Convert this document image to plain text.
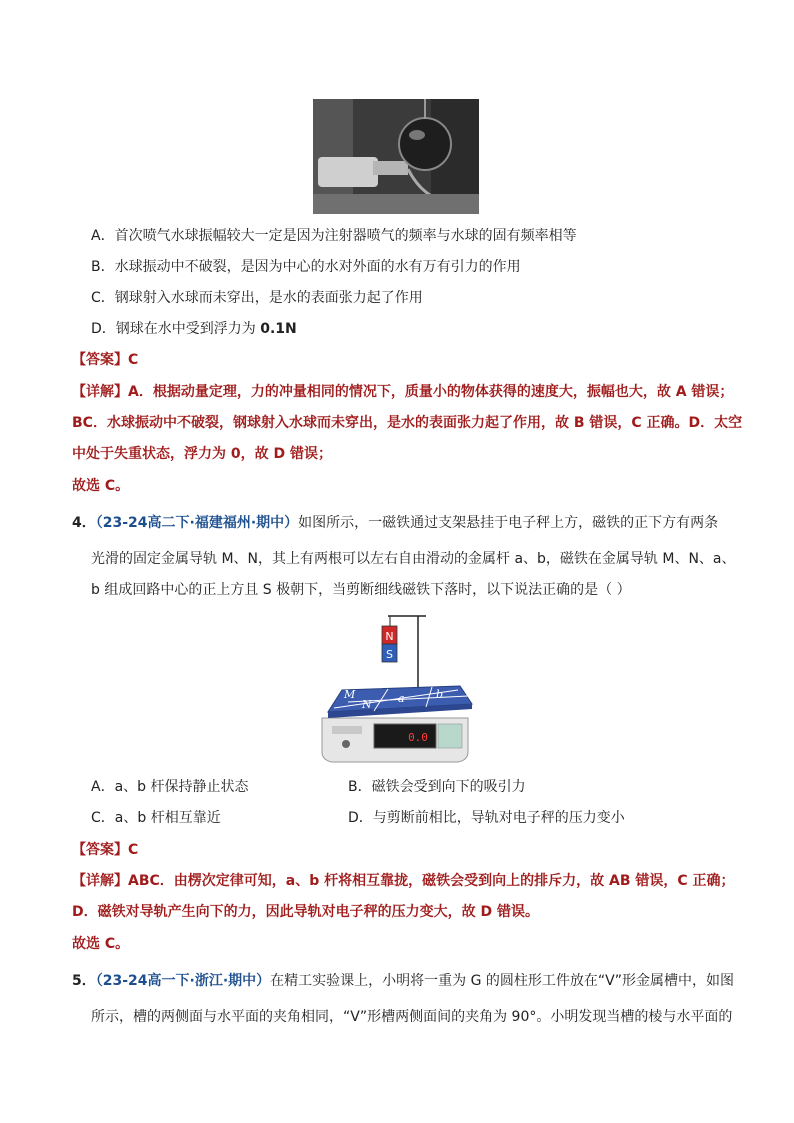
A．首次喷气水球振幅较大一定是因为注射器喷气的频率与水球的固有频率相等
B．水球振动中不破裂，是因为中心的水对外面的水有万有引力的作用
C．钢球射入水球而未穿出，是水的表面张力起了作用
D．钢球在水中受到浮力为 0.1N
【答案】C
【详解】A．根据动量定理，力的冲量相同的情况下，质量小的物体获得的速度大，振幅也大，故 A 错误；
BC．水球振动中不破裂，钢球射入水球而未穿出，是水的表面张力起了作用，故 B 错误，C 正确。D．太空
中处于失重状态，浮力为 0，故 D 错误；
故选 C。
4．（23-24高二下·福建福州·期中）如图所示，一磁铁通过支架悬挂于电子秤上方，磁铁的正下方有两条
光滑的固定金属导轨 M、N，其上有两根可以左右自由滑动的金属杆 a、b，磁铁在金属导轨 M、N、a、
b 组成回路中心的正上方且 S 极朝下，当剪断细线磁铁下落时，以下说法正确的是（ ）
N
S
M
N a	b
0.0
A．a、b 杆保持静止状态	B．磁铁会受到向下的吸引力
C．a、b 杆相互靠近	D．与剪断前相比，导轨对电子秤的压力变小
【答案】C
【详解】ABC．由楞次定律可知，a、b 杆将相互靠拢，磁铁会受到向上的排斥力，故 AB 错误，C 正确；
D．磁铁对导轨产生向下的力，因此导轨对电子秤的压力变大，故 D 错误。
故选 C。
5．（23-24高一下·浙江·期中）在精工实验课上，小明将一重为 G 的圆柱形工件放在“V”形金属槽中，如图
所示，槽的两侧面与水平面的夹角相同，“V”形槽两侧面间的夹角为 90°。小明发现当槽的棱与水平面的
